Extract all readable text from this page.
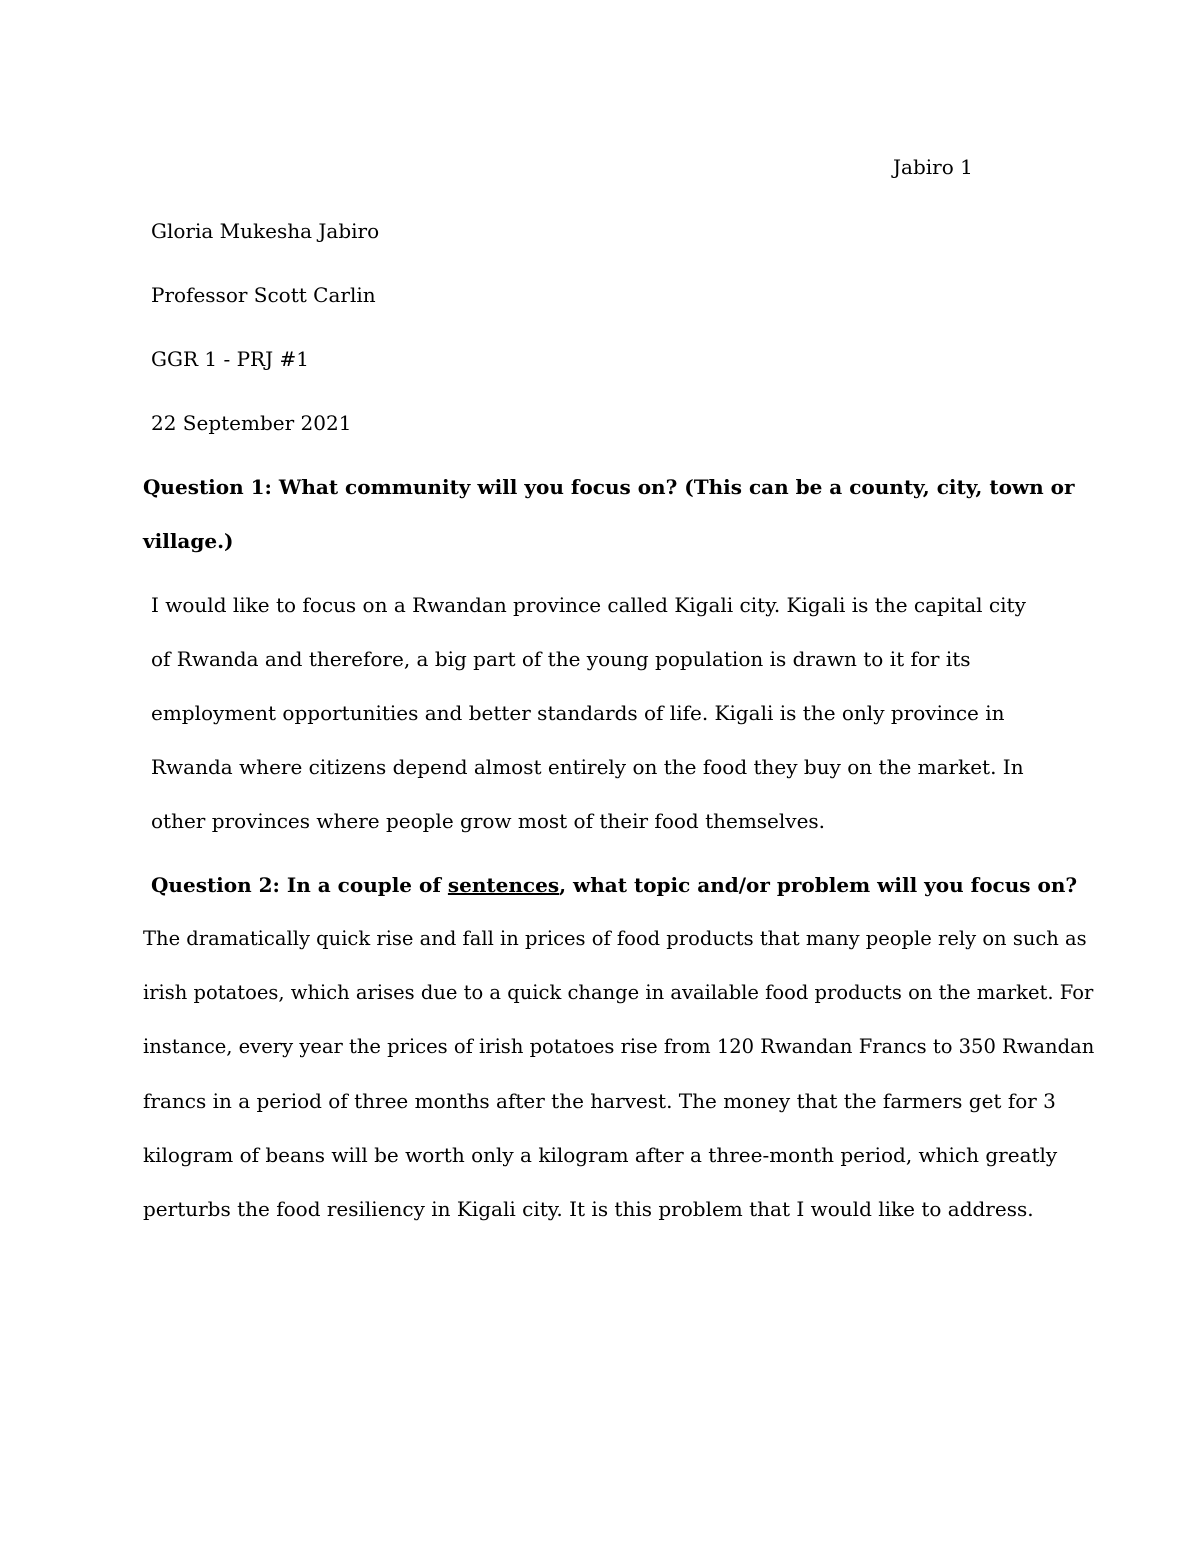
Jabiro 1

Gloria Mukesha Jabiro

Professor Scott Carlin

GGR 1 - PRJ #1

22 September 2021

Question 1: What community will you focus on? (This can be a county, city, town or

village.)

I would like to focus on a Rwandan province called Kigali city. Kigali is the capital city

of Rwanda and therefore, a big part of the young population is drawn to it for its

employment opportunities and better standards of life. Kigali is the only province in

Rwanda where citizens depend almost entirely on the food they buy on the market. In

other provinces where people grow most of their food themselves.

Question 2: In a couple of sentences, what topic and/or problem will you focus on?

The dramatically quick rise and fall in prices of food products that many people rely on such as

irish potatoes, which arises due to a quick change in available food products on the market. For

instance, every year the prices of irish potatoes rise from 120 Rwandan Francs to 350 Rwandan

francs in a period of three months after the harvest. The money that the farmers get for 3

kilogram of beans will be worth only a kilogram after a three-month period, which greatly

perturbs the food resiliency in Kigali city. It is this problem that I would like to address.
